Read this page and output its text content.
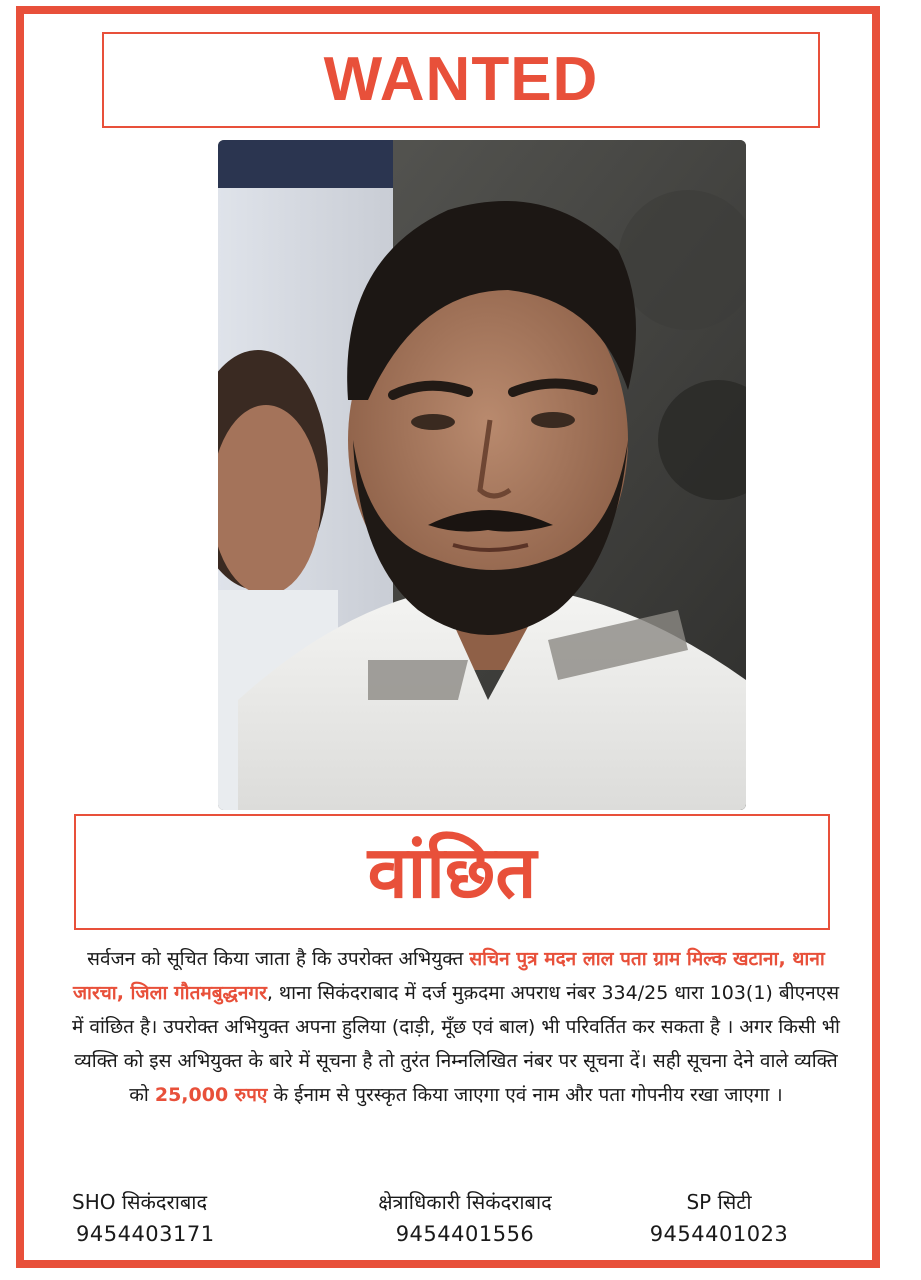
WANTED
वांछित
सर्वजन को सूचित किया जाता है कि उपरोक्त अभियुक्त सचिन पुत्र मदन लाल पता ग्राम मिल्क खटाना, थाना जारचा, जिला गौतमबुद्धनगर, थाना सिकंदराबाद में दर्ज मुक़दमा अपराध नंबर 334/25 धारा 103(1) बीएनएस में वांछित है। उपरोक्त अभियुक्त अपना हुलिया (दाड़ी, मूँछ एवं बाल) भी परिवर्तित कर सकता है । अगर किसी भी व्यक्ति को इस अभियुक्त के बारे में सूचना है तो तुरंत निम्नलिखित नंबर पर सूचना दें। सही सूचना देने वाले व्यक्ति को 25,000 रुपए के ईनाम से पुरस्कृत किया जाएगा एवं नाम और पता गोपनीय रखा जाएगा ।
SHO सिकंदराबाद
9454403171
क्षेत्राधिकारी सिकंदराबाद
9454401556
SP सिटी
9454401023
